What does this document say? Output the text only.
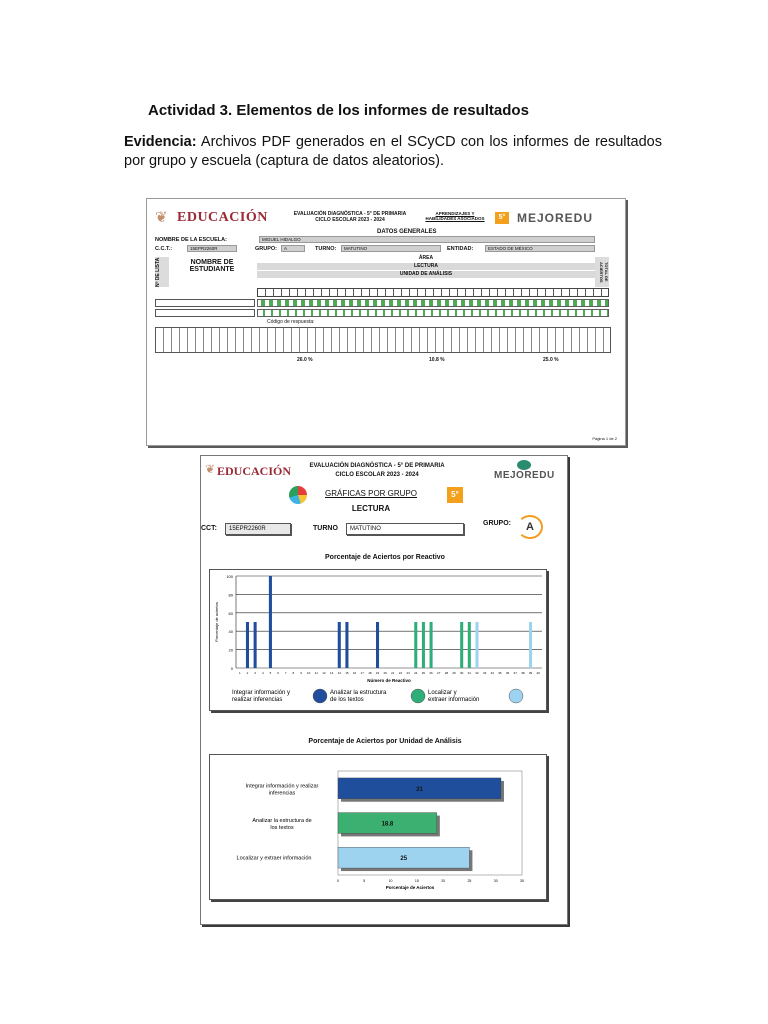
Actividad 3. Elementos de los informes de resultados
Evidencia: Archivos PDF generados en el SCyCD con los informes de resultados por grupo y escuela (captura de datos aleatorios).
❦ EDUCACIÓN	EVALUACIÓN DIAGNÓSTICA - 5° DE PRIMARIA
CICLO ESCOLAR 2023 - 2024
APRENDIZAJES Y HABILIDADES ASOCIADOS	5° MEJOREDU
DATOS GENERALES
NOMBRE DE LA ESCUELA:	MIGUEL HIDALGO
C.C.T.:	15EPR2260R	GRUPO:	A	TURNO:	MATUTINO	ENTIDAD:	ESTADO DE MÉXICO
ÁREA
LECTURA
UNIDAD DE ANÁLISIS
Nº DE LISTA	NOMBRE DE ESTUDIANTE	TOTAL DE ACIERTOS
Código de respuesta:
26.0 %	10.8 %	25.0 %
Página 1 de 2
❦ EDUCACIÓN	EVALUACIÓN DIAGNÓSTICA - 5° DE PRIMARIA
CICLO ESCOLAR 2023 - 2024	MEJOREDU
GRÁFICAS POR GRUPO	5°
LECTURA
CCT:	15EPR2260R	TURNO	MATUTINO
GRUPO:	A
Porcentaje de Aciertos por Reactivo
0
20
40
60
80
100
1 2 3 4 5 6 7 8 9 10 11 12 13 14 15 16 17 18 19 20 21 22 23 24 25 26 27 28 29 30 31 32 33 34 35 36 37 38 39 40
Número de Reactivo
Porcentaje de aciertos
Integrar información y
realizar inferencias
Analizar la estructura
de los textos
Localizar y
extraer información
Porcentaje de Aciertos por Unidad de Análisis
31
Integrar información y realizar
inferencias
18.8
Analizar la estructura de
los textos
25
Localizar y extraer información
0	5	10	15	20	25	30	35
Porcentaje de Aciertos
